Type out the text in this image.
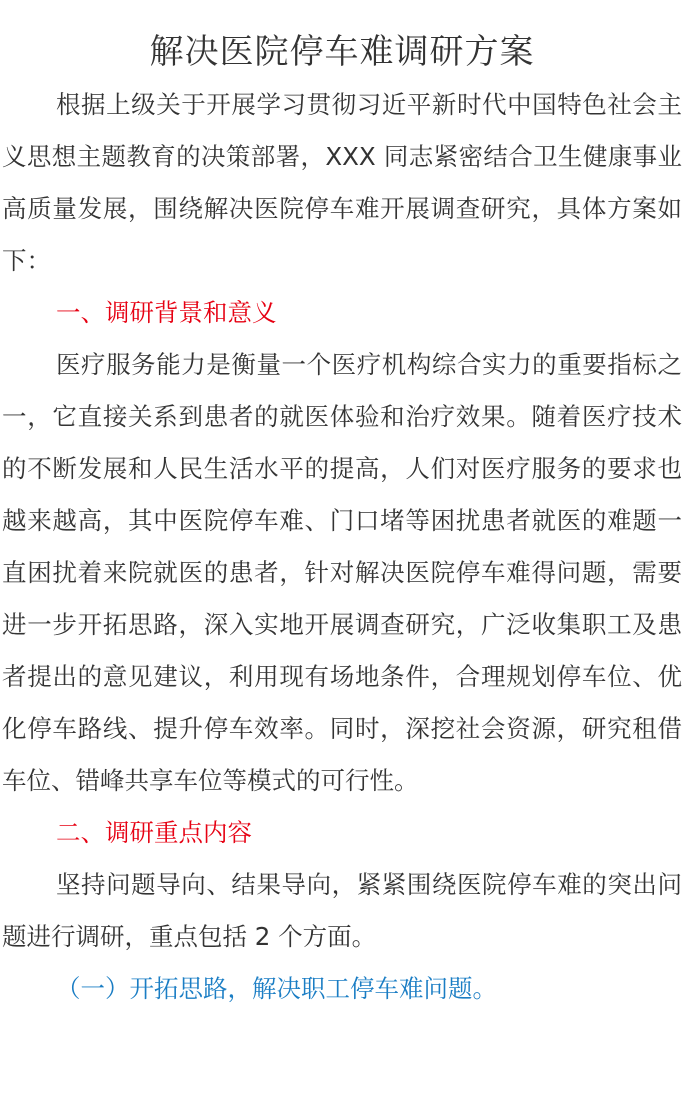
解决医院停车难调研方案

根据上级关于开展学习贯彻习近平新时代中国特色社会主义思想主题教育的决策部署，XXX 同志紧密结合卫生健康事业高质量发展，围绕解决医院停车难开展调查研究，具体方案如下：

一、调研背景和意义

医疗服务能力是衡量一个医疗机构综合实力的重要指标之一，它直接关系到患者的就医体验和治疗效果。随着医疗技术的不断发展和人民生活水平的提高，人们对医疗服务的要求也越来越高，其中医院停车难、门口堵等困扰患者就医的难题一直困扰着来院就医的患者，针对解决医院停车难得问题，需要进一步开拓思路，深入实地开展调查研究，广泛收集职工及患者提出的意见建议，利用现有场地条件，合理规划停车位、优化停车路线、提升停车效率。同时，深挖社会资源，研究租借车位、错峰共享车位等模式的可行性。

二、调研重点内容

坚持问题导向、结果导向，紧紧围绕医院停车难的突出问题进行调研，重点包括 2 个方面。

（一）开拓思路，解决职工停车难问题。
